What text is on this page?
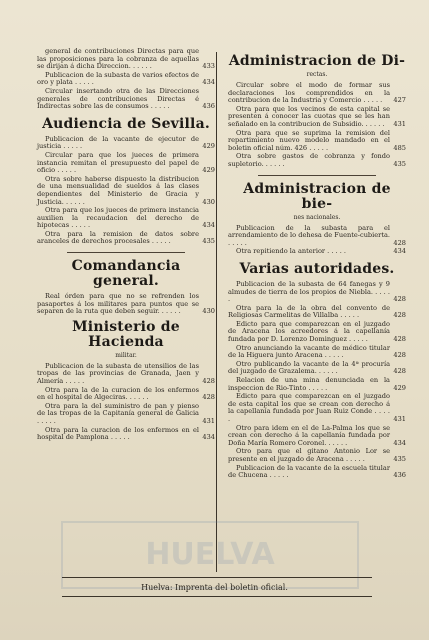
general de contribuciones Directas para que las proposiciones para la cobranza de aquellas se dirijan á dicha Direccion. . . . . .	433
Publicacion de la subasta de varios efectos de oro y plata . . . . .	434
Circular insertando otra de las Direcciones generales de contribuciones Directas é Indirectas sobre las de consumos . . . . .	436
Audiencia de Sevilla.
Publicacion de la vacante de ejecutor de justicia . . . . .	429
Circular para que los jueces de primera instancia remitan el presupuesto del papel de oficio . . . . .	429
Otra sobre haberse dispuesto la distribucion de una mensualidad de sueldos á las clases dependientes del Ministerio de Gracia y Justicia. . . . . .	430
Otra para que los jueces de primera instancia auxilien la recaudacion del derecho de hipotecas . . . . .	434
Otra para la remision de datos sobre aranceles de derechos procesales . . . . .	435
Comandancia general.
Real órden para que no se refrenden los pasaportes á los militares para puntos que se separen de la ruta que deben seguir. . . . . .	430
Ministerio de Hacienda
militar.
Publicacion de la subasta de utensilios de las tropas de las provincias de Granada, Jaen y Almería . . . . .	428
Otra para la de la curacion de los enfermos en el hospital de Algeciras. . . . . .	428
Otra para la del suministro de pan y pienso de las tropas de la Capitanía general de Galicia . . . . .	431
Otra para la curacion de los enfermos en el hospital de Pamplona . . . . .	434
Administracion de Di-
rectas.
Circular sobre el modo de formar sus declaraciones los comprendidos en la contribucion de la Industria y Comercio . . . . .	427
Otra para que los vecinos de esta capital se presenten á conocer las cuotas que se les han señalado en la contribucion de Subsidio. . . . . .	431
Otra para que se suprima la remision del repartimiento nuevo modelo mandado en el boletin oficial núm. 426 . . . . .	485
Otra sobre gastos de cobranza y fondo supletorio. . . . . .	435
Administracion de bie-
nes nacionales.
Publicacion de la subasta para el arrendamiento de lo dehesa de Fuente-cubierta. . . . . .	428
Otra repitiendo la anterior . . . . .	434
Varias autoridades.
Publicacion de la subasta de 64 fanegas y 9 almudes de tierra de los propios de Niebla. . . . . .	428
Otra para la de la obra del convento de Religiosas Carmelitas de Villalba . . . . .	428
Edicto para que comparezcan en el juzgado de Aracena los acreedores á la capellanía fundada por D. Lorenzo Dominguez . . . . .	428
Otro anunciando la vacante de médico titular de la Higuera junto Aracena . . . . .	428
Otro publicando la vacante de la 4ª procuría del juzgado de Grazalema. . . . . .	428
Relacion de una mina denunciada en la inspeccion de Rio-Tinto . . . . .	429
Edicto para que comparezcan en el juzgado de esta capital los que se crean con derecho á la capellanía fundada por Juan Ruiz Conde . . . . .	431
Otro para idem en el de La-Palma los que se crean con derecho á la capellanía fundada por Doña María Romero Coronel. . . . . .	434
Otro para que el gitano Antonio Lor se presente en el juzgado de Aracena . . . . .	435
Publicacion de la vacante de la escuela titular de Chucena . . . . .	436
HUELVA
Huelva: Imprenta del boletin oficial.
